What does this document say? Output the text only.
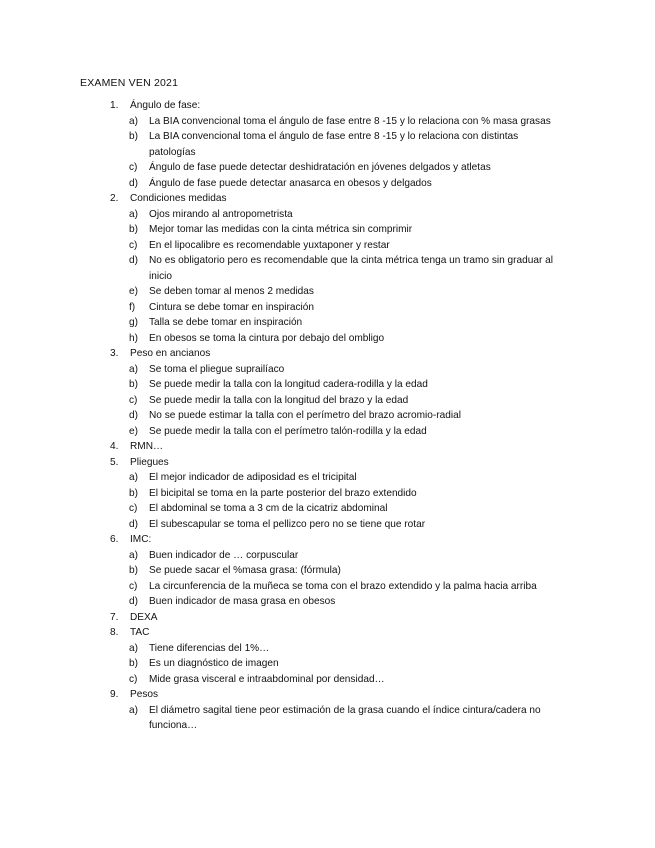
EXAMEN VEN 2021
1. Ángulo de fase:
a) La BIA convencional toma el ángulo de fase entre 8 -15 y lo relaciona con % masa grasas
b) La BIA convencional toma el ángulo de fase entre 8 -15 y lo relaciona con distintas patologías
c) Ángulo de fase puede detectar deshidratación en jóvenes delgados y atletas
d) Ángulo de fase puede detectar anasarca en obesos y delgados
2. Condiciones medidas
a) Ojos mirando al antropometrista
b) Mejor tomar las medidas con la cinta métrica sin comprimir
c) En el lipocalibre es recomendable yuxtaponer y restar
d) No es obligatorio pero es recomendable que la cinta métrica tenga un tramo sin graduar al inicio
e) Se deben tomar al menos 2 medidas
f) Cintura se debe tomar en inspiración
g) Talla se debe tomar en inspiración
h) En obesos se toma la cintura por debajo del ombligo
3. Peso en ancianos
a) Se toma el pliegue suprailíaco
b) Se puede medir la talla con la longitud cadera-rodilla y la edad
c) Se puede medir la talla con la longitud del brazo y la edad
d) No se puede estimar la talla con el perímetro del brazo acromio-radial
e) Se puede medir la talla con el perímetro talón-rodilla y la edad
4. RMN…
5. Pliegues
a) El mejor indicador de adiposidad es el tricipital
b) El bicipital se toma en la parte posterior del brazo extendido
c) El abdominal se toma a 3 cm de la cicatriz abdominal
d) El subescapular se toma el pellizco pero no se tiene que rotar
6. IMC:
a) Buen indicador de … corpuscular
b) Se puede sacar el %masa grasa: (fórmula)
c) La circunferencia de la muñeca se toma con el brazo extendido y la palma hacia arriba
d) Buen indicador de masa grasa en obesos
7. DEXA
8. TAC
a) Tiene diferencias del 1%…
b) Es un diagnóstico de imagen
c) Mide grasa visceral e intraabdominal por densidad…
9. Pesos
a) El diámetro sagital tiene peor estimación de la grasa cuando el índice cintura/cadera no funciona…
